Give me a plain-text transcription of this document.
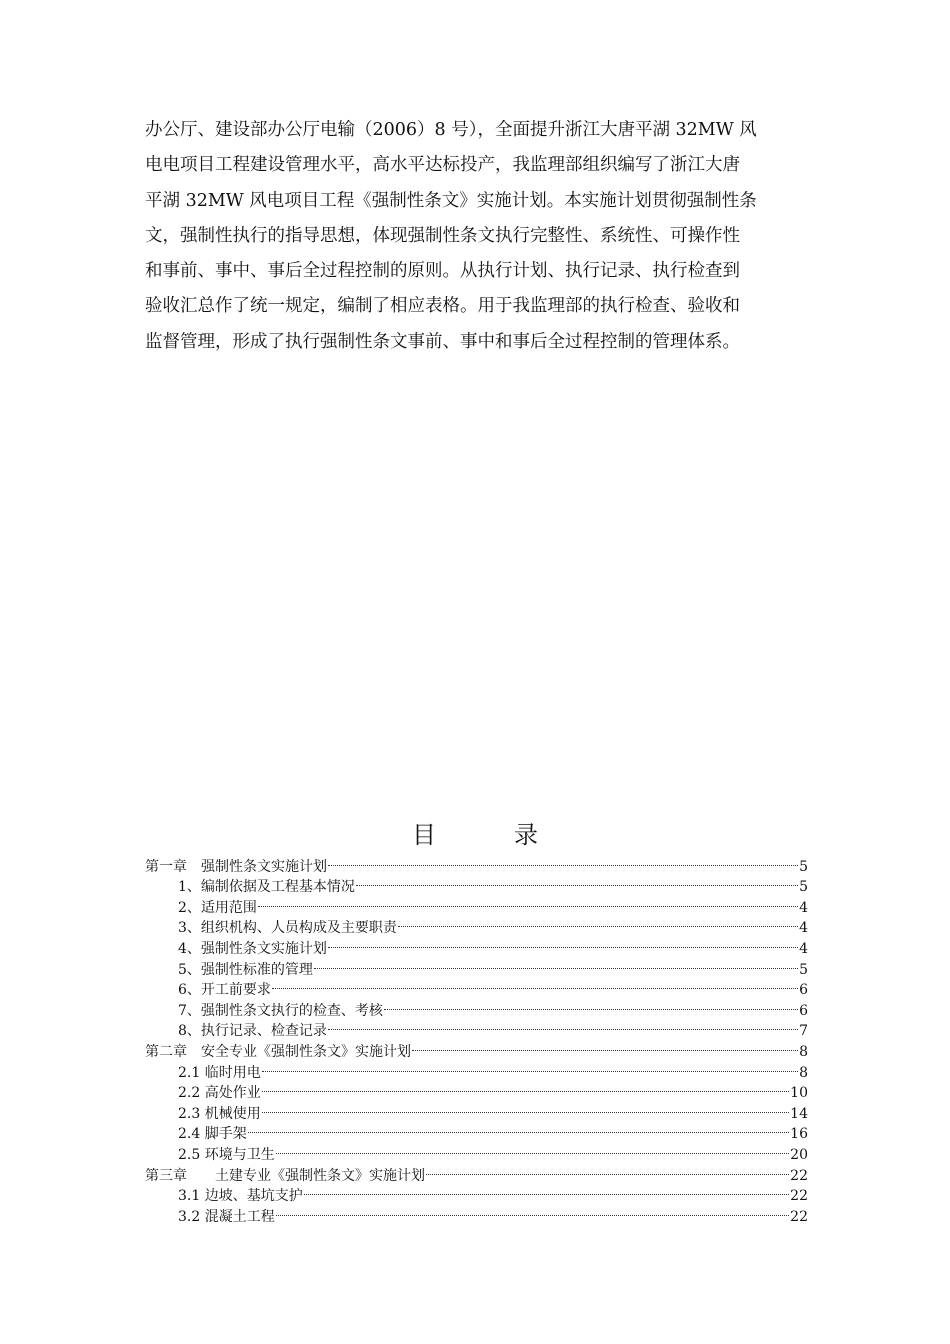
办公厅、建设部办公厅电输（2006）8 号），全面提升浙江大唐平湖 32MW 风
电电项目工程建设管理水平，高水平达标投产，我监理部组织编写了浙江大唐
平湖 32MW 风电项目工程《强制性条文》实施计划。本实施计划贯彻强制性条
文，强制性执行的指导思想，体现强制性条文执行完整性、系统性、可操作性
和事前、事中、事后全过程控制的原则。从执行计划、执行记录、执行检查到
验收汇总作了统一规定，编制了相应表格。用于我监理部的执行检查、验收和
监督管理，形成了执行强制性条文事前、事中和事后全过程控制的管理体系。
目	录
第一章　强制性条文实施计划	5
1、编制依据及工程基本情况	5
2、适用范围	4
3、组织机构、人员构成及主要职责	4
4、强制性条文实施计划	4
5、强制性标准的管理	5
6、开工前要求	6
7、强制性条文执行的检查、考核	6
8、执行记录、检查记录	7
第二章　安全专业《强制性条文》实施计划	8
2.1 临时用电	8
2.2 高处作业	10
2.3 机械使用	14
2.4 脚手架	16
2.5 环境与卫生	20
第三章　　土建专业《强制性条文》实施计划	22
3.1 边坡、基坑支护	22
3.2 混凝土工程	22
